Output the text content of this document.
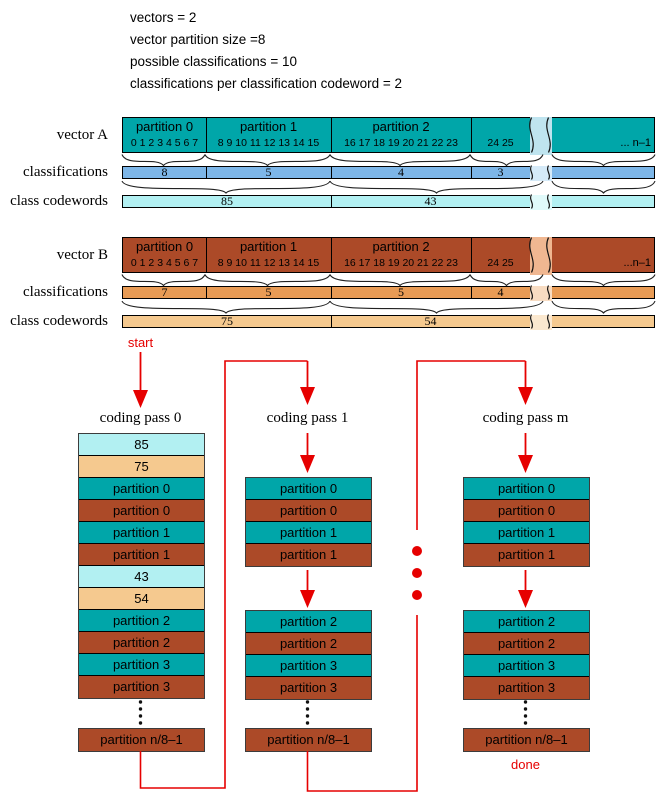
vectors = 2
vector partition size =8
possible classifications = 10
classifications per classification codeword = 2
vector A
classifications
class codewords
partition 0
0 1 2 3 4 5 6 7
partition 1
8 9 10 11 12 13 14 15
partition 2
16 17 18 19 20 21 22 23	24 25	... n–1
8	5	4	3
85	43
vector B
classifications
class codewords
partition 0
0 1 2 3 4 5 6 7
partition 1
8 9 10 11 12 13 14 15
partition 2
16 17 18 19 20 21 22 23	24 25	...n–1
7	5	5	4
75	54
coding pass 0
85
75
partition 0
partition 0
partition 1
partition 1
43
54
partition 2
partition 2
partition 3
partition 3
partition n/8–1
coding pass 1
partition 0
partition 0
partition 1
partition 1
partition 2
partition 2
partition 3
partition 3
partition n/8–1
coding pass m
partition 0
partition 0
partition 1
partition 1
partition 2
partition 2
partition 3
partition 3
partition n/8–1
start
done
